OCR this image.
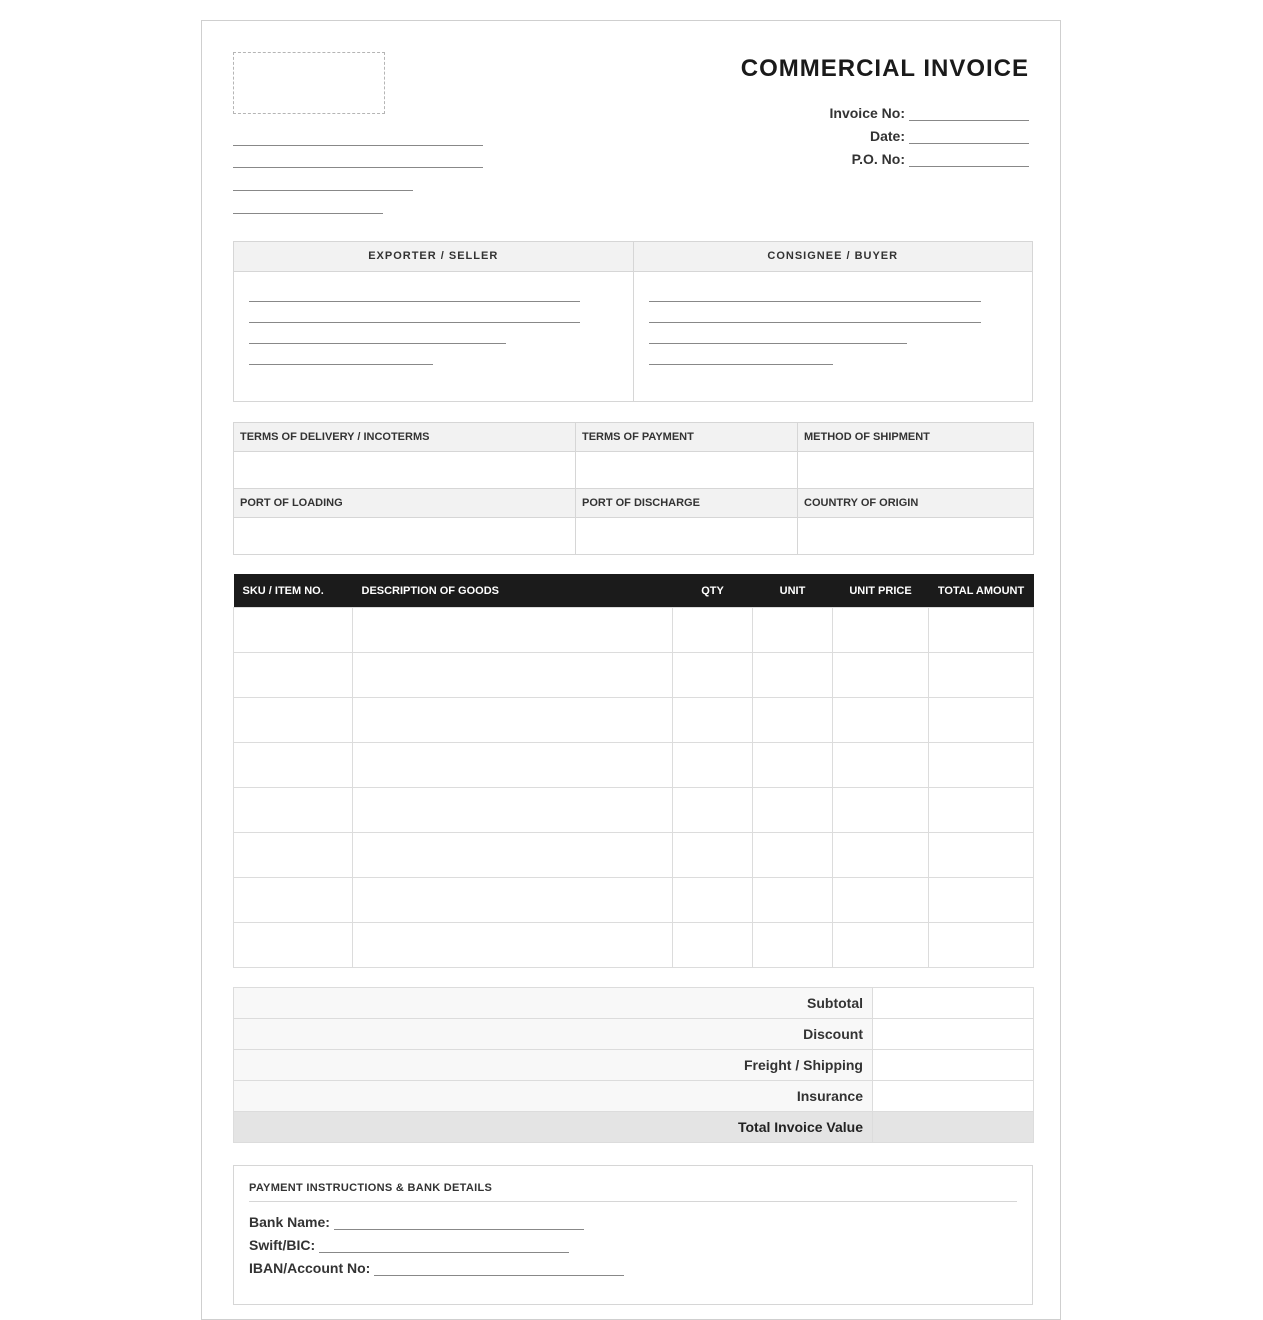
COMMERCIAL INVOICE
Invoice No:
Date:
P.O. No:
EXPORTER / SELLER	CONSIGNEE / BUYER
TERMS OF DELIVERY / INCOTERMS	TERMS OF PAYMENT	METHOD OF SHIPMENT

PORT OF LOADING	PORT OF DISCHARGE	COUNTRY OF ORIGIN

SKU / ITEM NO.	DESCRIPTION OF GOODS	QTY	UNIT	UNIT PRICE	TOTAL AMOUNT

Subtotal	
Discount	
Freight / Shipping	
Insurance	
Total Invoice Value	
PAYMENT INSTRUCTIONS & BANK DETAILS
Bank Name:
Swift/BIC:
IBAN/Account No:
